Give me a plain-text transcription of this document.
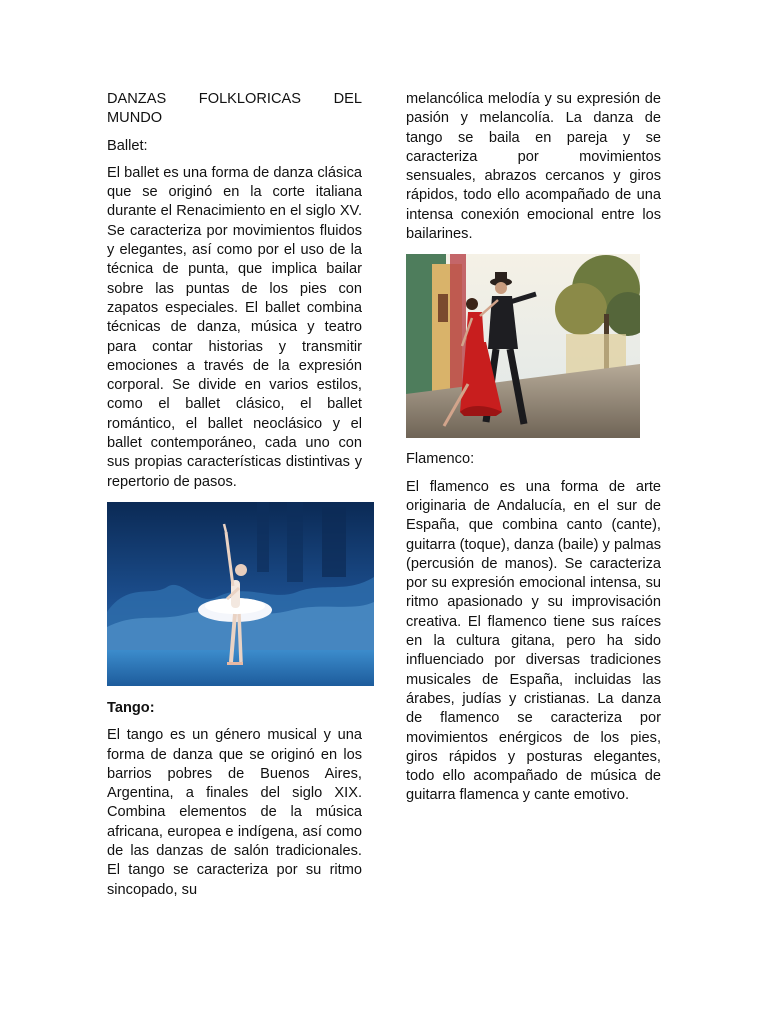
DANZAS FOLKLORICAS DEL MUNDO

Ballet:

El ballet es una forma de danza clásica que se originó en la corte italiana durante el Renacimiento en el siglo XV. Se caracteriza por movimientos fluidos y elegantes, así como por el uso de la técnica de punta, que implica bailar sobre las puntas de los pies con zapatos especiales. El ballet combina técnicas de danza, música y teatro para contar historias y transmitir emociones a través de la expresión corporal. Se divide en varios estilos, como el ballet clásico, el ballet romántico, el ballet neoclásico y el ballet contemporáneo, cada uno con sus propias características distintivas y repertorio de pasos.

Tango:

El tango es un género musical y una forma de danza que se originó en los barrios pobres de Buenos Aires, Argentina, a finales del siglo XIX. Combina elementos de la música africana, europea e indígena, así como de las danzas de salón tradicionales. El tango se caracteriza por su ritmo sincopado, su

melancólica melodía y su expresión de pasión y melancolía. La danza de tango se baila en pareja y se caracteriza por movimientos sensuales, abrazos cercanos y giros rápidos, todo ello acompañado de una intensa conexión emocional entre los bailarines.

Flamenco:

El flamenco es una forma de arte originaria de Andalucía, en el sur de España, que combina canto (cante), guitarra (toque), danza (baile) y palmas (percusión de manos). Se caracteriza por su expresión emocional intensa, su ritmo apasionado y su improvisación creativa. El flamenco tiene sus raíces en la cultura gitana, pero ha sido influenciado por diversas tradiciones musicales de España, incluidas las árabes, judías y cristianas. La danza de flamenco se caracteriza por movimientos enérgicos de los pies, giros rápidos y posturas elegantes, todo ello acompañado de música de guitarra flamenca y cante emotivo.
